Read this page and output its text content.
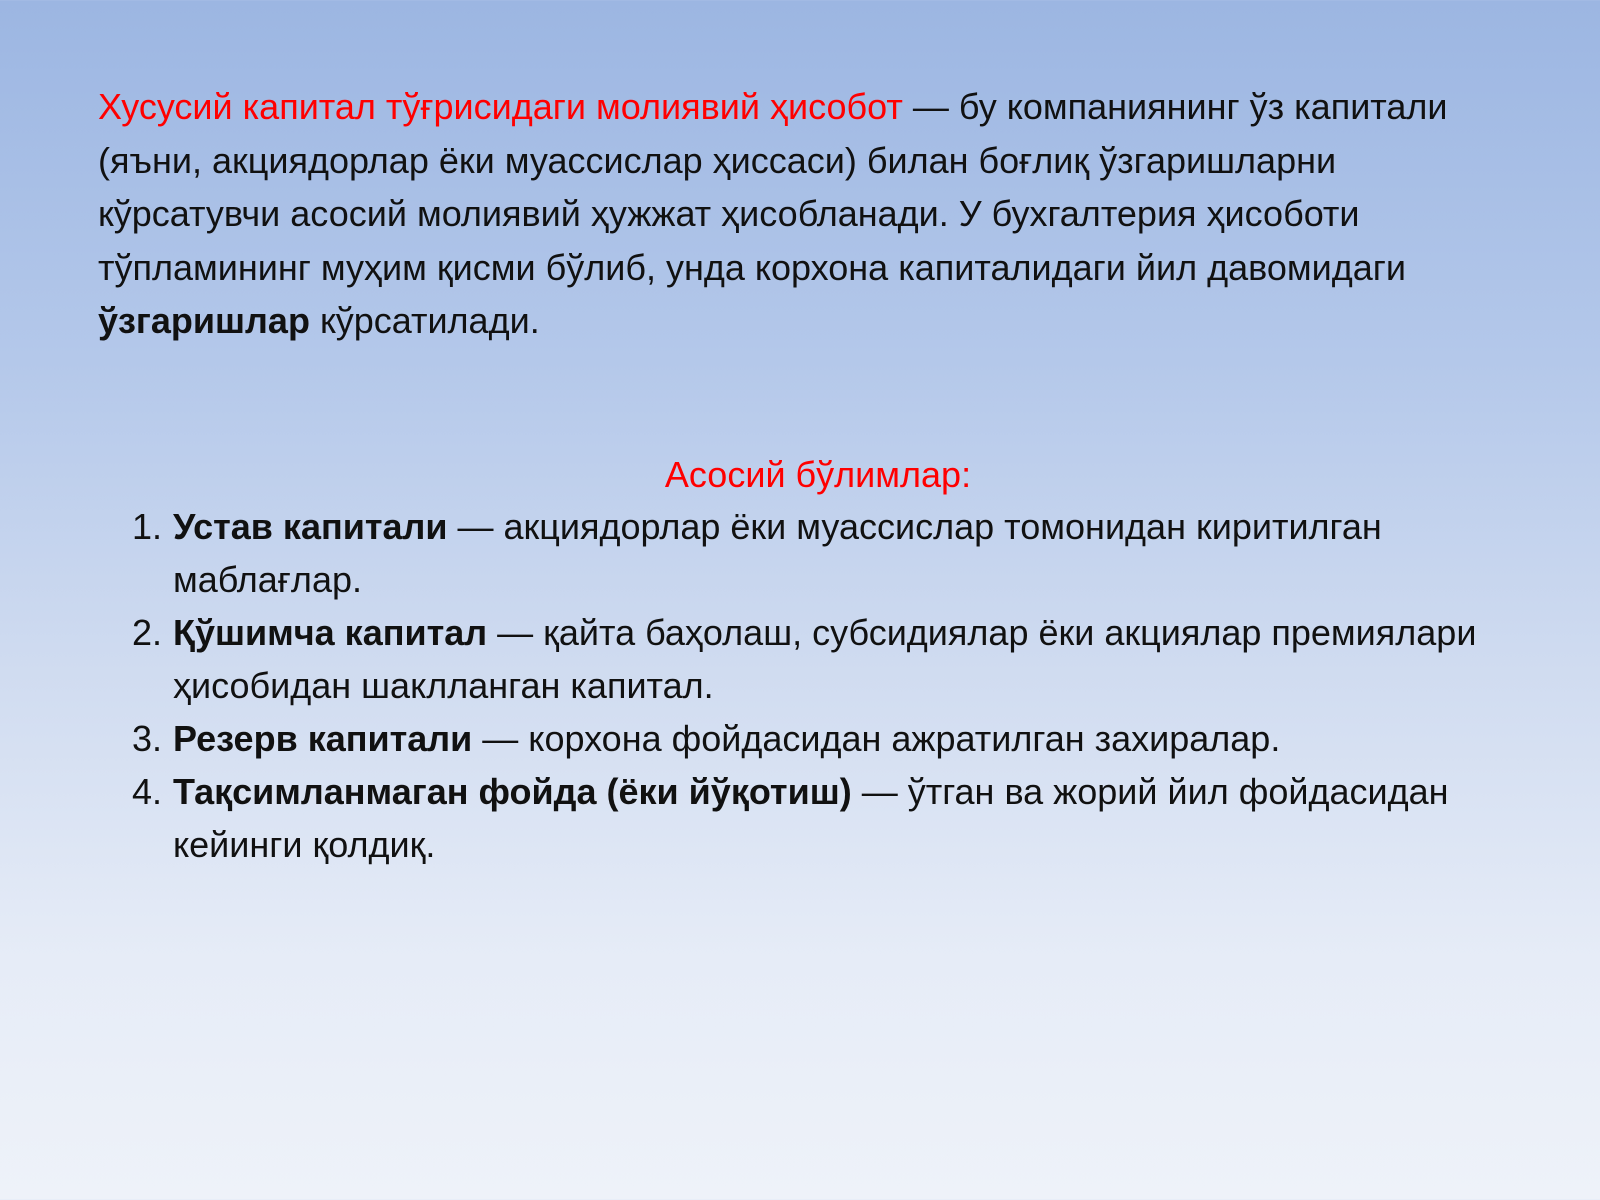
Хусусий капитал тўғрисидаги молиявий ҳисобот — бу компаниянинг ўз капитали (яъни, акциядорлар ёки муассислар ҳиссаси) билан боғлиқ ўзгаришларни кўрсатувчи асосий молиявий ҳужжат ҳисобланади. У бухгалтерия ҳисоботи тўпламининг муҳим қисми бўлиб, унда корхона капиталидаги йил давомидаги ўзгаришлар кўрсатилади.

Асосий бўлимлар:

1. Устав капитали — акциядорлар ёки муассислар томонидан киритилган маблағлар.
2. Қўшимча капитал — қайта баҳолаш, субсидиялар ёки акциялар премиялари ҳисобидан шаклланган капитал.
3. Резерв капитали — корхона фойдасидан ажратилган захиралар.
4. Тақсимланмаган фойда (ёки йўқотиш) — ўтган ва жорий йил фойдасидан кейинги қолдиқ.
